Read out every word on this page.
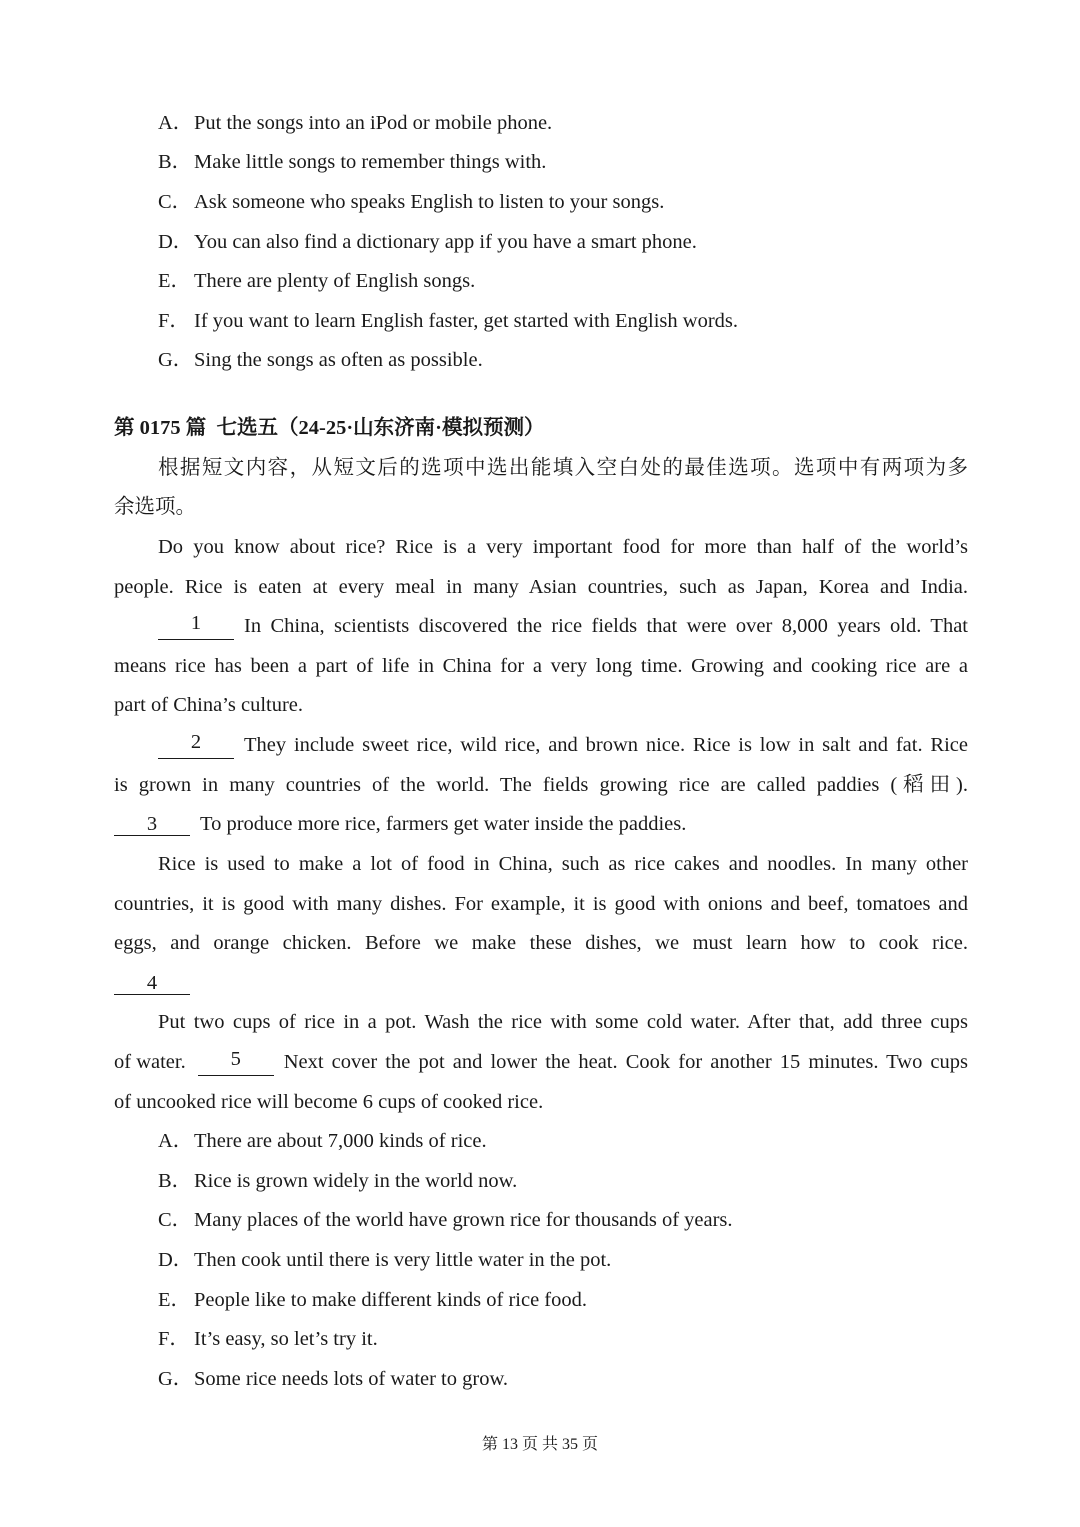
A．Put the songs into an iPod or mobile phone.
B．Make little songs to remember things with.
C．Ask someone who speaks English to listen to your songs.
D．You can also find a dictionary app if you have a smart phone.
E． There are plenty of English songs.
F． If you want to learn English faster, get started with English words.
G．Sing the songs as often as possible.
第 0175 篇 七选五（24-25·山东济南·模拟预测）
根据短文内容，从短文后的选项中选出能填入空白处的最佳选项。选项中有两项为多
余选项。
Do you know about rice? Rice is a very important food for more than half of the world’s
people. Rice is eaten at every meal in many Asian countries, such as Japan, Korea and India.
1	In China, scientists discovered the rice fields that were over 8,000 years old. That
means rice has been a part of life in China for a very long time. Growing and cooking rice are a
part of China’s culture.
2	They include sweet rice, wild rice, and brown nice. Rice is low in salt and fat. Rice
is grown in many countries of the world. The fields growing rice are called paddies (稻田).
3 To produce more rice, farmers get water inside the paddies.
Rice is used to make a lot of food in China, such as rice cakes and noodles. In many other
countries, it is good with many dishes. For example, it is good with onions and beef, tomatoes and
eggs, and orange chicken. Before we make these dishes, we must learn how to cook rice.
4
Put two cups of rice in a pot. Wash the rice with some cold water. After that, add three cups
of water.	5	Next cover the pot and lower the heat. Cook for another 15 minutes. Two cups
of uncooked rice will become 6 cups of cooked rice.
A．There are about 7,000 kinds of rice.
B．Rice is grown widely in the world now.
C．Many places of the world have grown rice for thousands of years.
D．Then cook until there is very little water in the pot.
E． People like to make different kinds of rice food.
F． It’s easy, so let’s try it.
G．Some rice needs lots of water to grow.
第 13 页 共 35 页
